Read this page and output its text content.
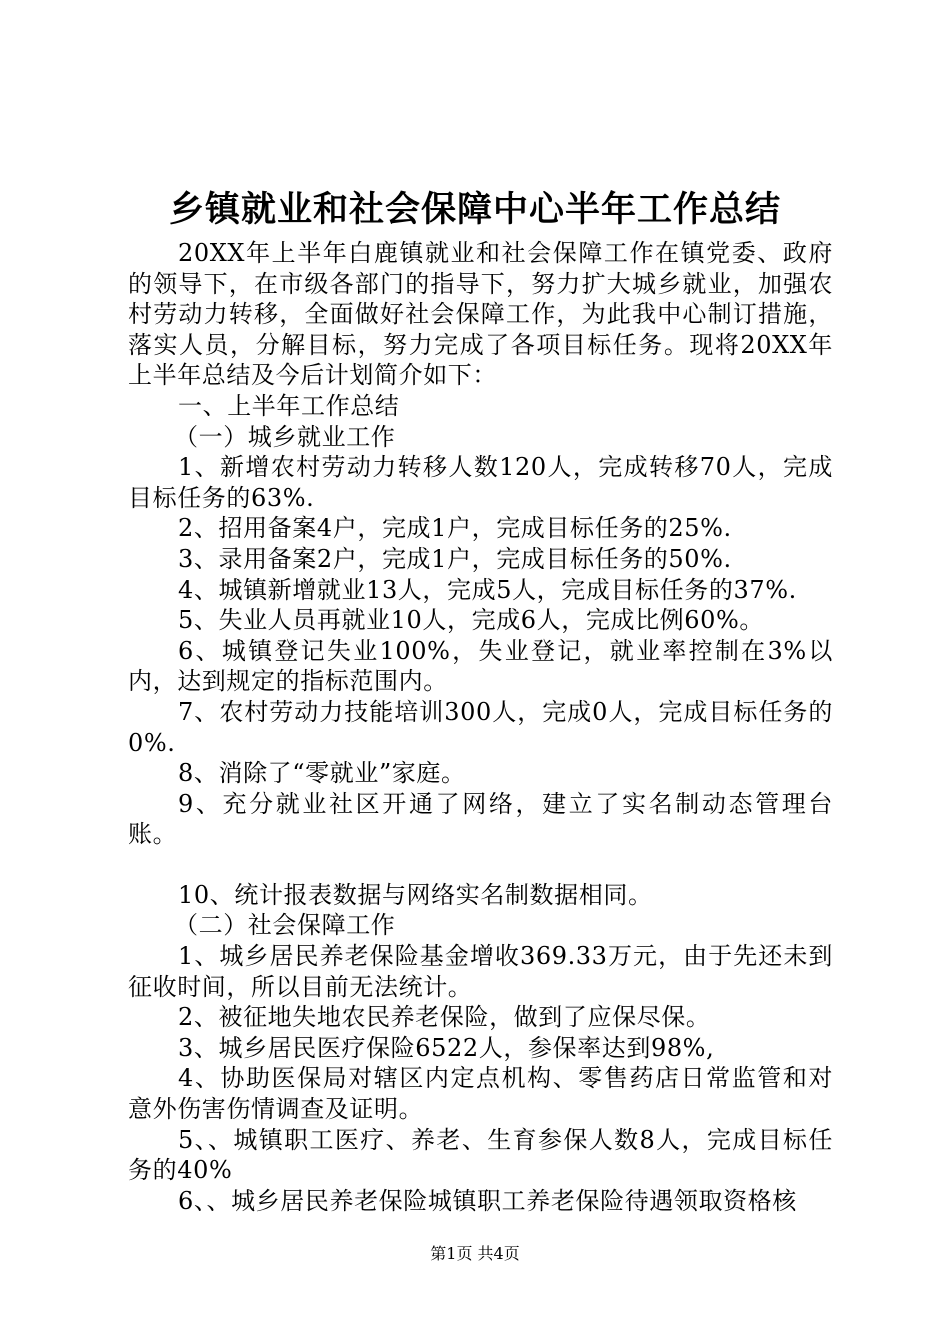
乡镇就业和社会保障中心半年工作总结

20XX年上半年白鹿镇就业和社会保障工作在镇党委、政府的领导下，在市级各部门的指导下，努力扩大城乡就业，加强农村劳动力转移，全面做好社会保障工作，为此我中心制订措施，落实人员，分解目标，努力完成了各项目标任务。现将20XX年上半年总结及今后计划简介如下：

一、上半年工作总结

（一）城乡就业工作

1、新增农村劳动力转移人数120人，完成转移70人，完成目标任务的63%.

2、招用备案4户，完成1户，完成目标任务的25%.

3、录用备案2户，完成1户，完成目标任务的50%.

4、城镇新增就业13人，完成5人，完成目标任务的37%.

5、失业人员再就业10人，完成6人，完成比例60%。

6、城镇登记失业100%，失业登记，就业率控制在3%以内，达到规定的指标范围内。

7、农村劳动力技能培训300人，完成0人，完成目标任务的0%.

8、消除了“零就业”家庭。

9、充分就业社区开通了网络，建立了实名制动态管理台账。

10、统计报表数据与网络实名制数据相同。

（二）社会保障工作

1、城乡居民养老保险基金增收369.33万元，由于先还未到征收时间，所以目前无法统计。

2、被征地失地农民养老保险，做到了应保尽保。

3、城乡居民医疗保险6522人，参保率达到98%,

4、协助医保局对辖区内定点机构、零售药店日常监管和对意外伤害伤情调查及证明。

5、、城镇职工医疗、养老、生育参保人数8人，完成目标任务的40%

6、、城乡居民养老保险城镇职工养老保险待遇领取资格核

第1页 共4页
